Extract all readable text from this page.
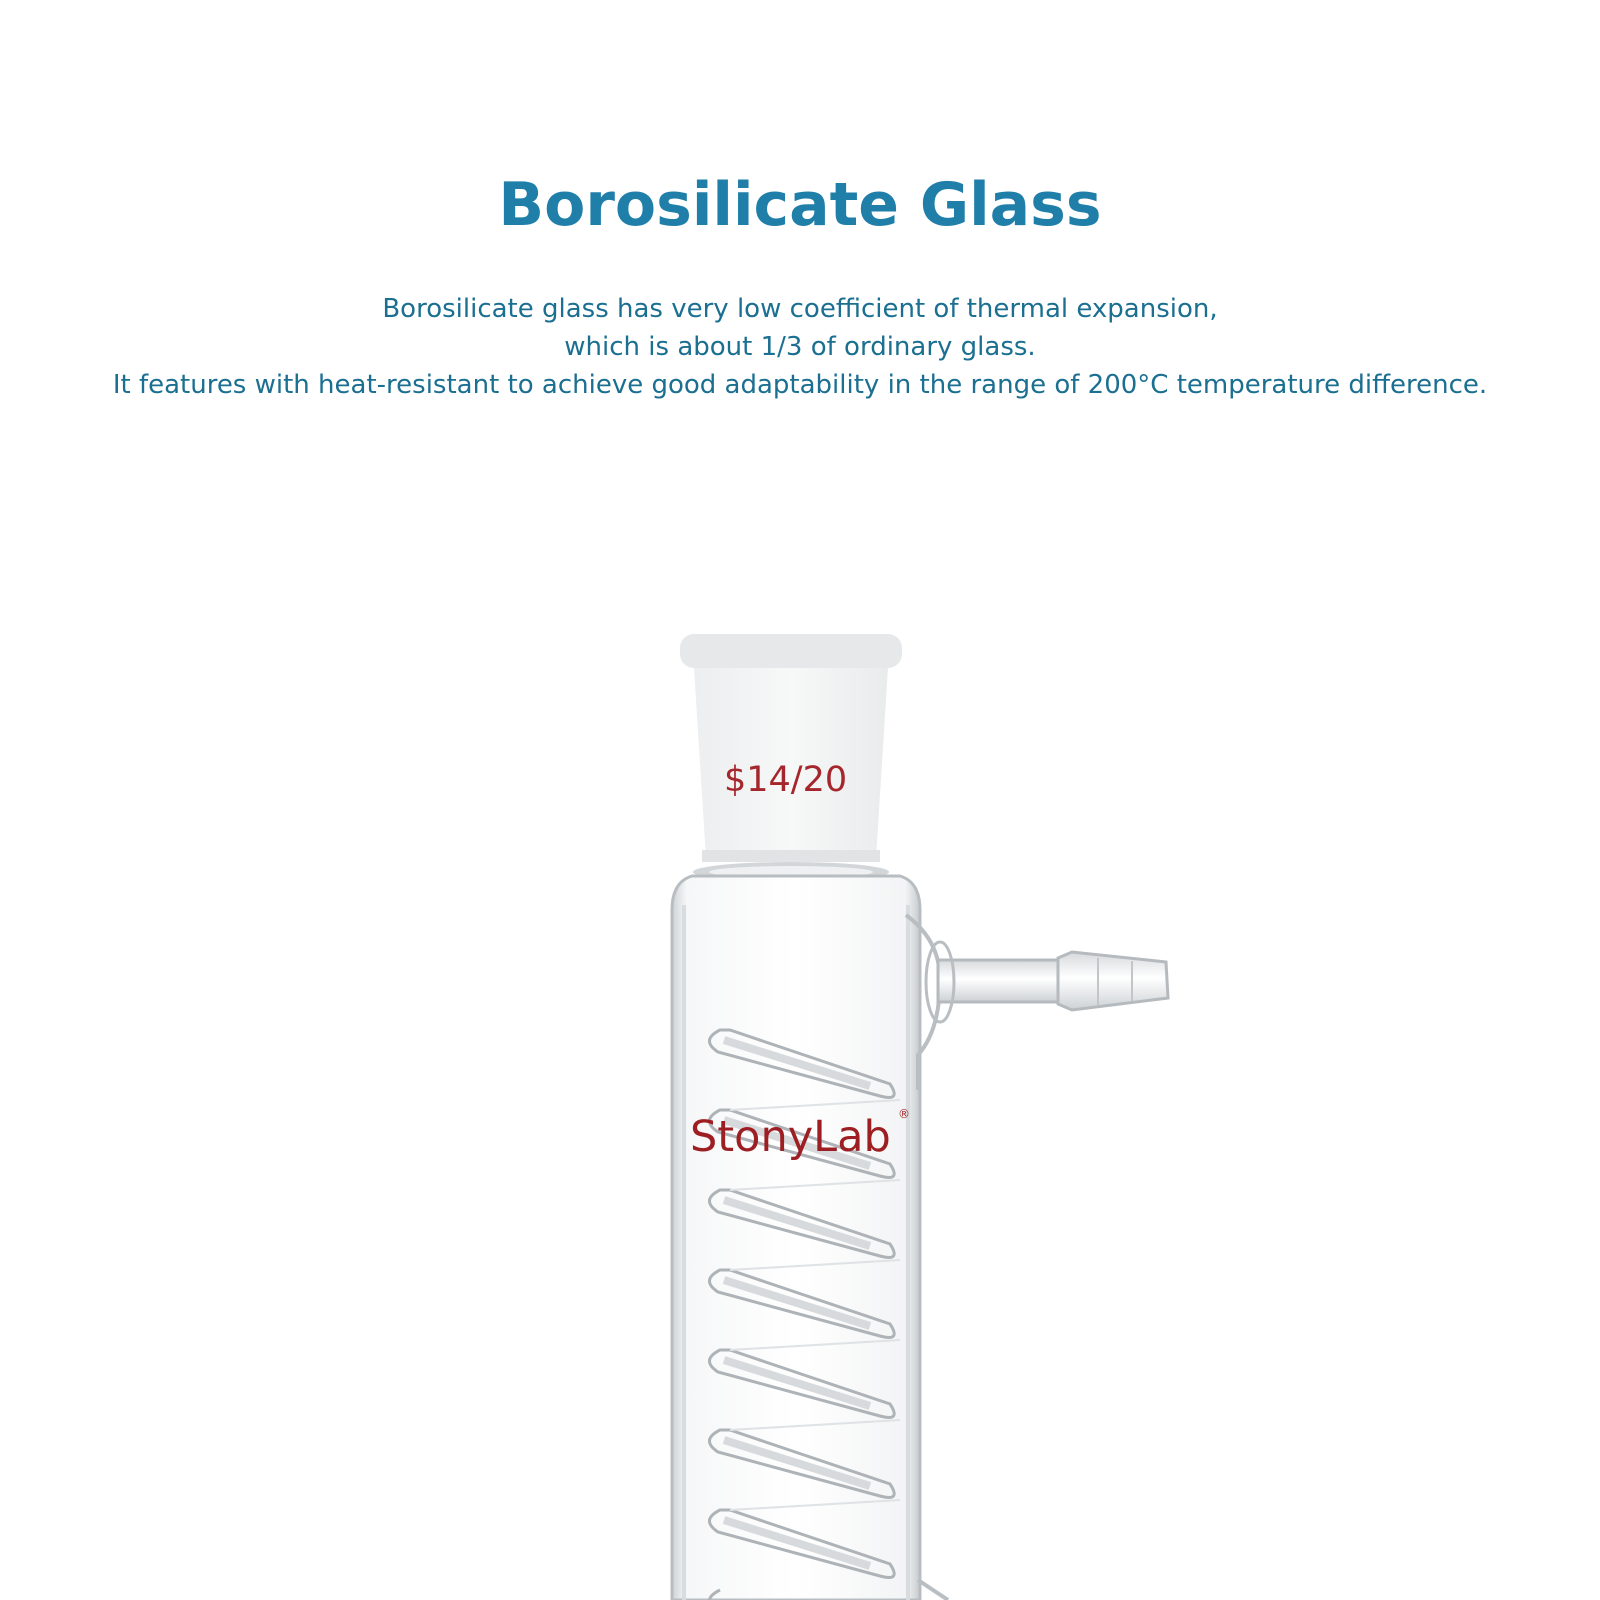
Borosilicate Glass
Borosilicate glass has very low coefficient of thermal expansion,
which is about 1/3 of ordinary glass.
It features with heat-resistant to achieve good adaptability in the range of 200°C temperature difference.
$14/20
StonyLab ®
